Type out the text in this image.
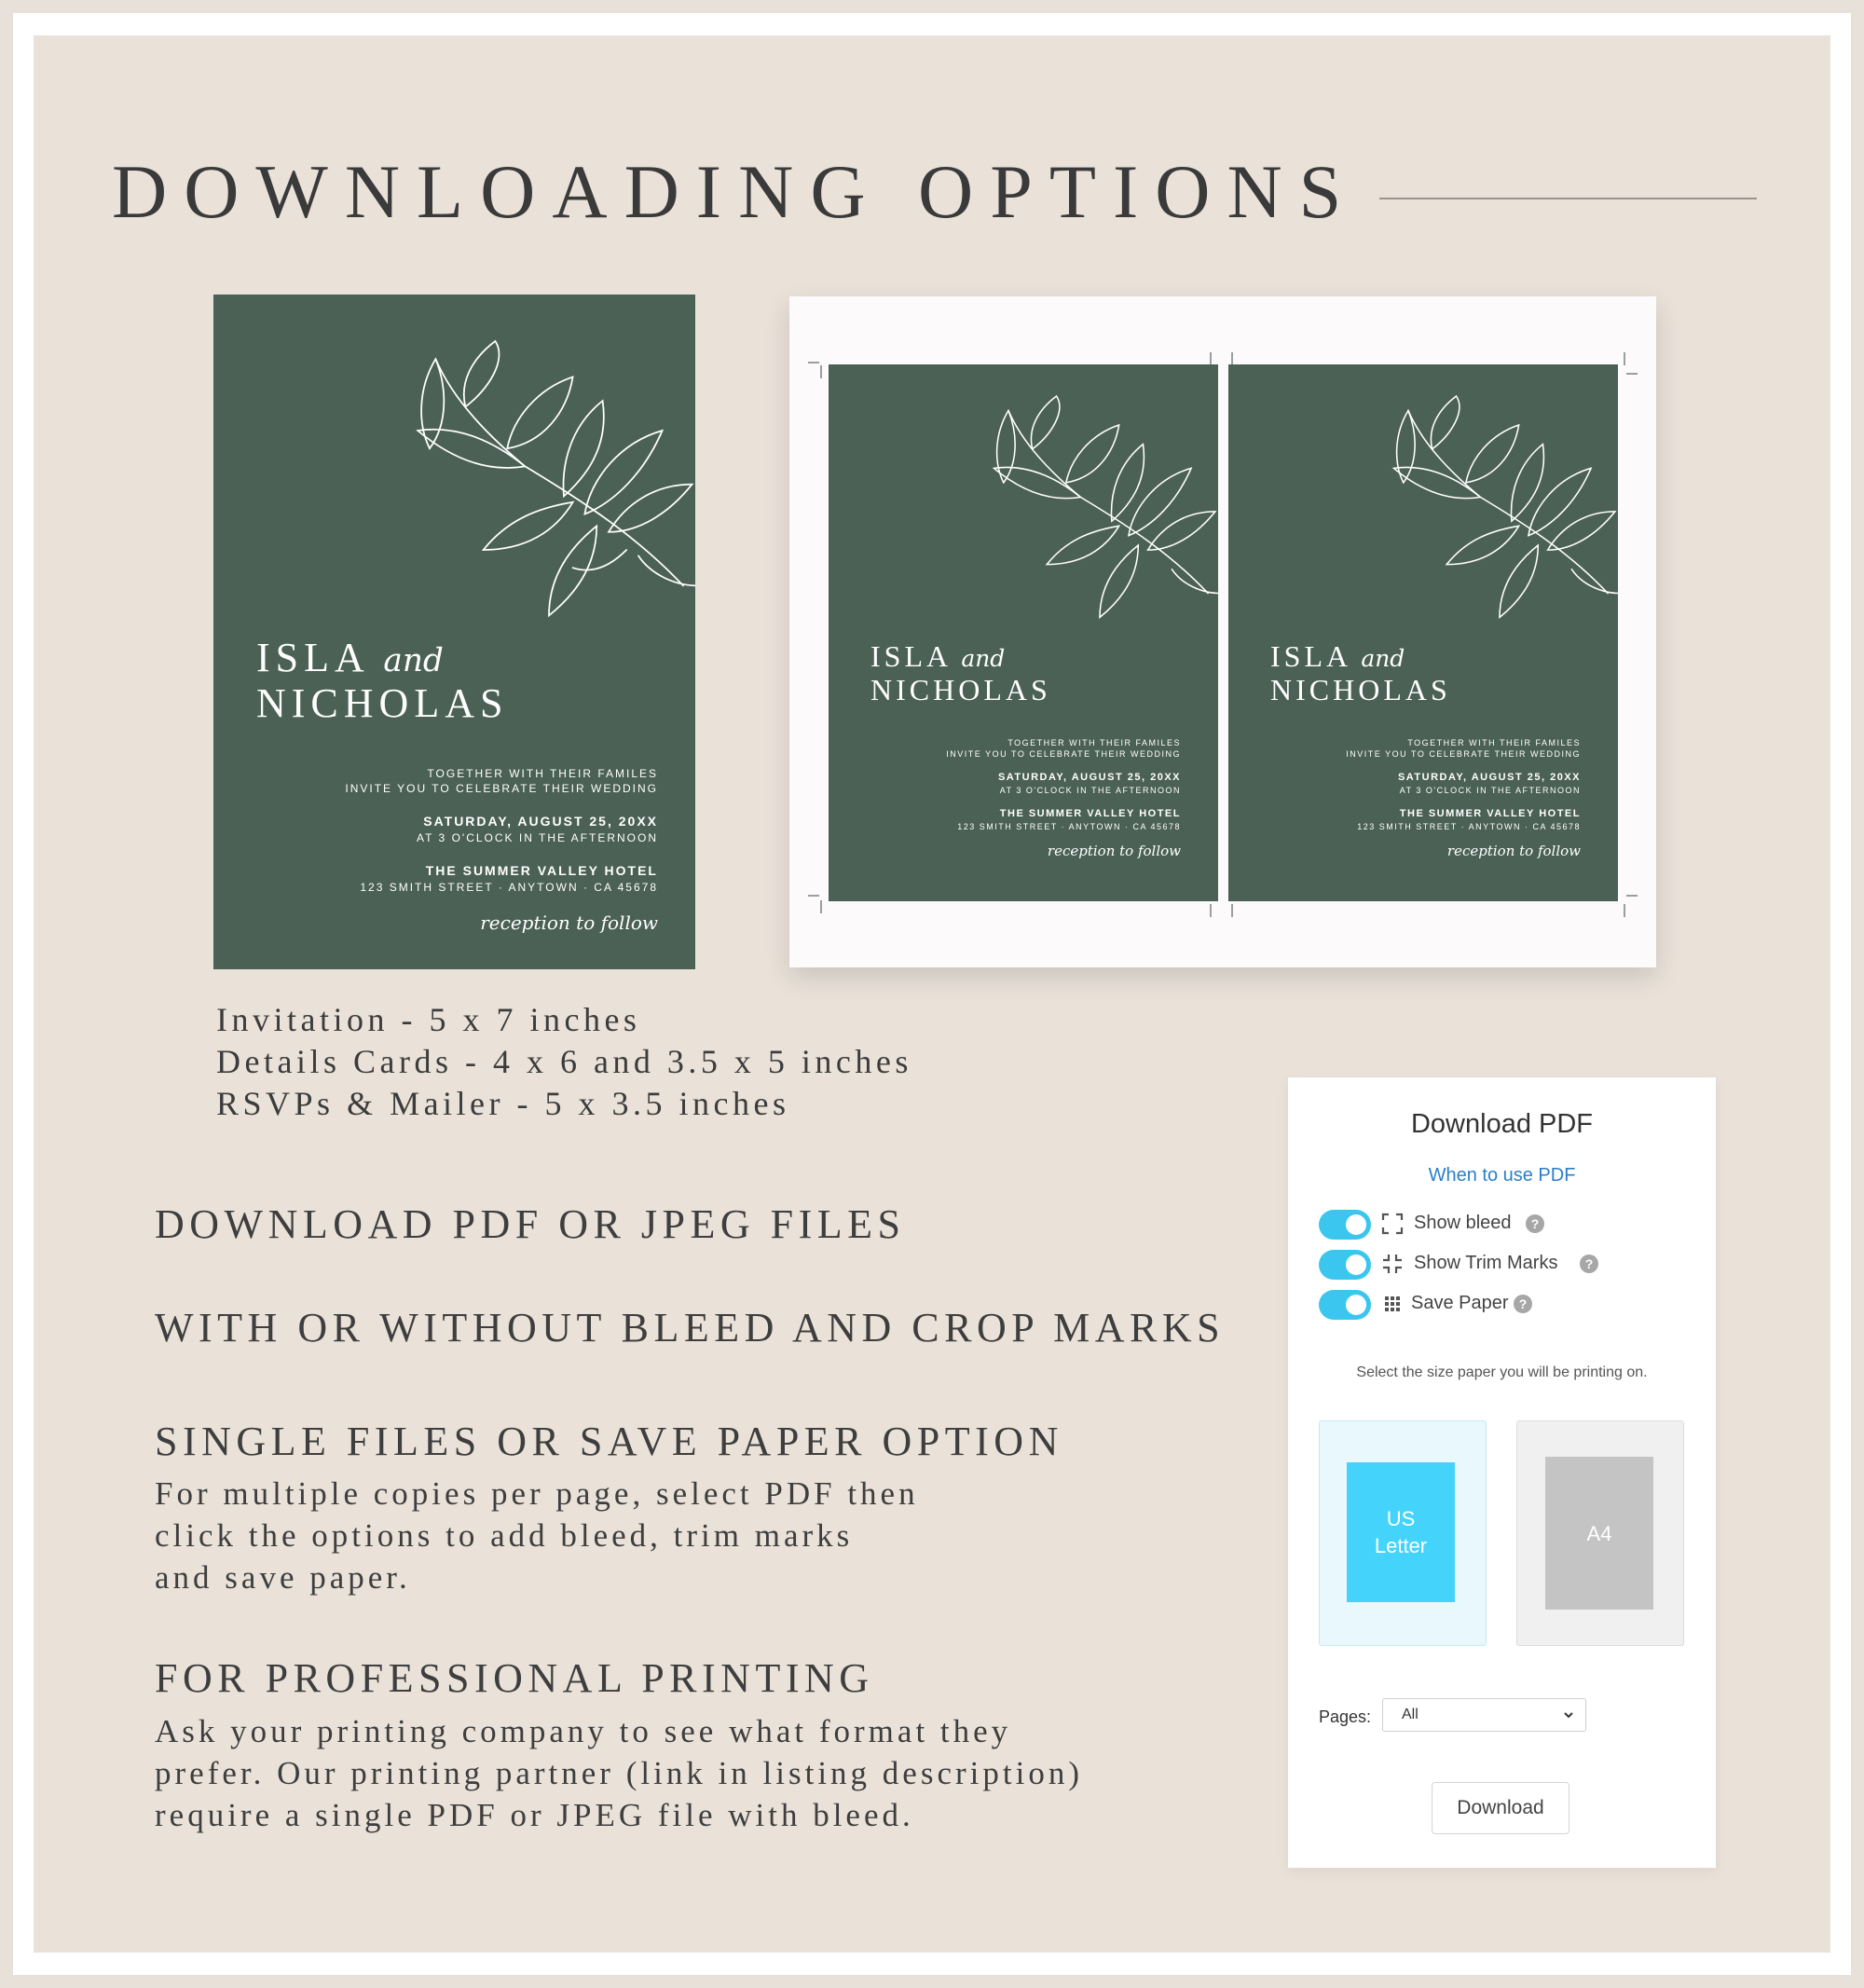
DOWNLOADING OPTIONS
ISLA and
NICHOLAS
TOGETHER WITH THEIR FAMILES
INVITE YOU TO CELEBRATE THEIR WEDDING
SATURDAY, AUGUST 25, 20XX
AT 3 O'CLOCK IN THE AFTERNOON
THE SUMMER VALLEY HOTEL
123 SMITH STREET · ANYTOWN · CA 45678
reception to follow
ISLA and
NICHOLAS
TOGETHER WITH THEIR FAMILES
INVITE YOU TO CELEBRATE THEIR WEDDING
SATURDAY, AUGUST 25, 20XX
AT 3 O'CLOCK IN THE AFTERNOON
THE SUMMER VALLEY HOTEL
123 SMITH STREET · ANYTOWN · CA 45678
reception to follow
ISLA and
NICHOLAS
TOGETHER WITH THEIR FAMILES
INVITE YOU TO CELEBRATE THEIR WEDDING
SATURDAY, AUGUST 25, 20XX
AT 3 O'CLOCK IN THE AFTERNOON
THE SUMMER VALLEY HOTEL
123 SMITH STREET · ANYTOWN · CA 45678
reception to follow
Invitation - 5 x 7 inches
Details Cards - 4 x 6 and 3.5 x 5 inches
RSVPs & Mailer - 5 x 3.5 inches
DOWNLOAD PDF OR JPEG FILES
WITH OR WITHOUT BLEED AND CROP MARKS
SINGLE FILES OR SAVE PAPER OPTION
For multiple copies per page, select PDF then
click the options to add bleed, trim marks
and save paper.
FOR PROFESSIONAL PRINTING
Ask your printing company to see what format they
prefer. Our printing partner (link in listing description)
require a single PDF or JPEG file with bleed.
Download PDF
When to use PDF
Show bleed	?
Show Trim Marks	?
Save Paper ?
Select the size paper you will be printing on.
US
Letter
A4
Pages: All
Download
